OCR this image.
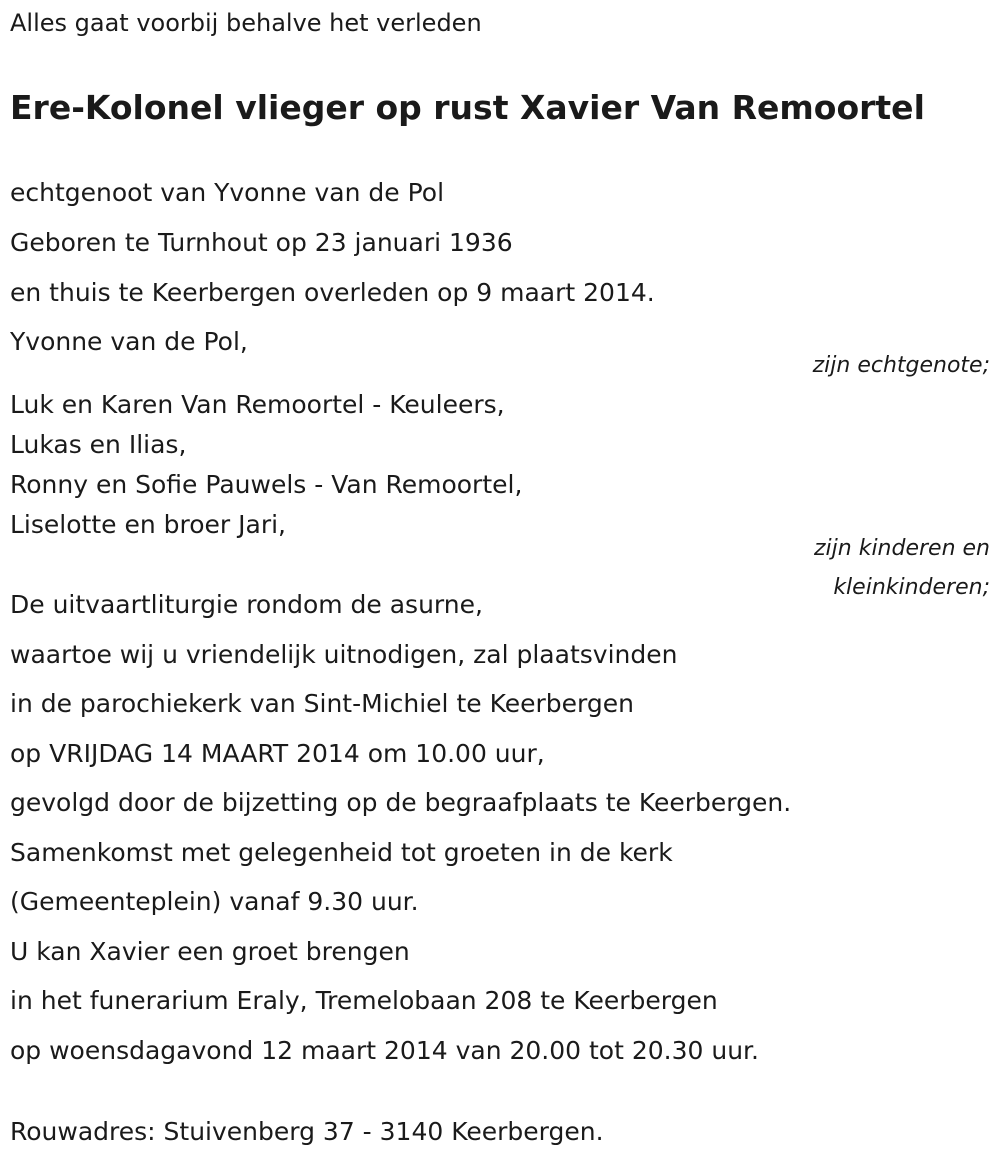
Alles gaat voorbij behalve het verleden

Ere-Kolonel vlieger op rust Xavier Van Remoortel

echtgenoot van Yvonne van de Pol

Geboren te Turnhout op 23 januari 1936

en thuis te Keerbergen overleden op 9 maart 2014.

Yvonne van de Pol,

zijn echtgenote;

Luk en Karen Van Remoortel - Keuleers,

Lukas en Ilias,

Ronny en Sofie Pauwels - Van Remoortel,

Liselotte en broer Jari,

zijn kinderen en

kleinkinderen;

De uitvaartliturgie rondom de asurne,

waartoe wij u vriendelijk uitnodigen, zal plaatsvinden

in de parochiekerk van Sint-Michiel te Keerbergen

op VRIJDAG 14 MAART 2014 om 10.00 uur,

gevolgd door de bijzetting op de begraafplaats te Keerbergen.

Samenkomst met gelegenheid tot groeten in de kerk

(Gemeenteplein) vanaf 9.30 uur.

U kan Xavier een groet brengen

in het funerarium Eraly, Tremelobaan 208 te Keerbergen

op woensdagavond 12 maart 2014 van 20.00 tot 20.30 uur.

Rouwadres: Stuivenberg 37 - 3140 Keerbergen.
